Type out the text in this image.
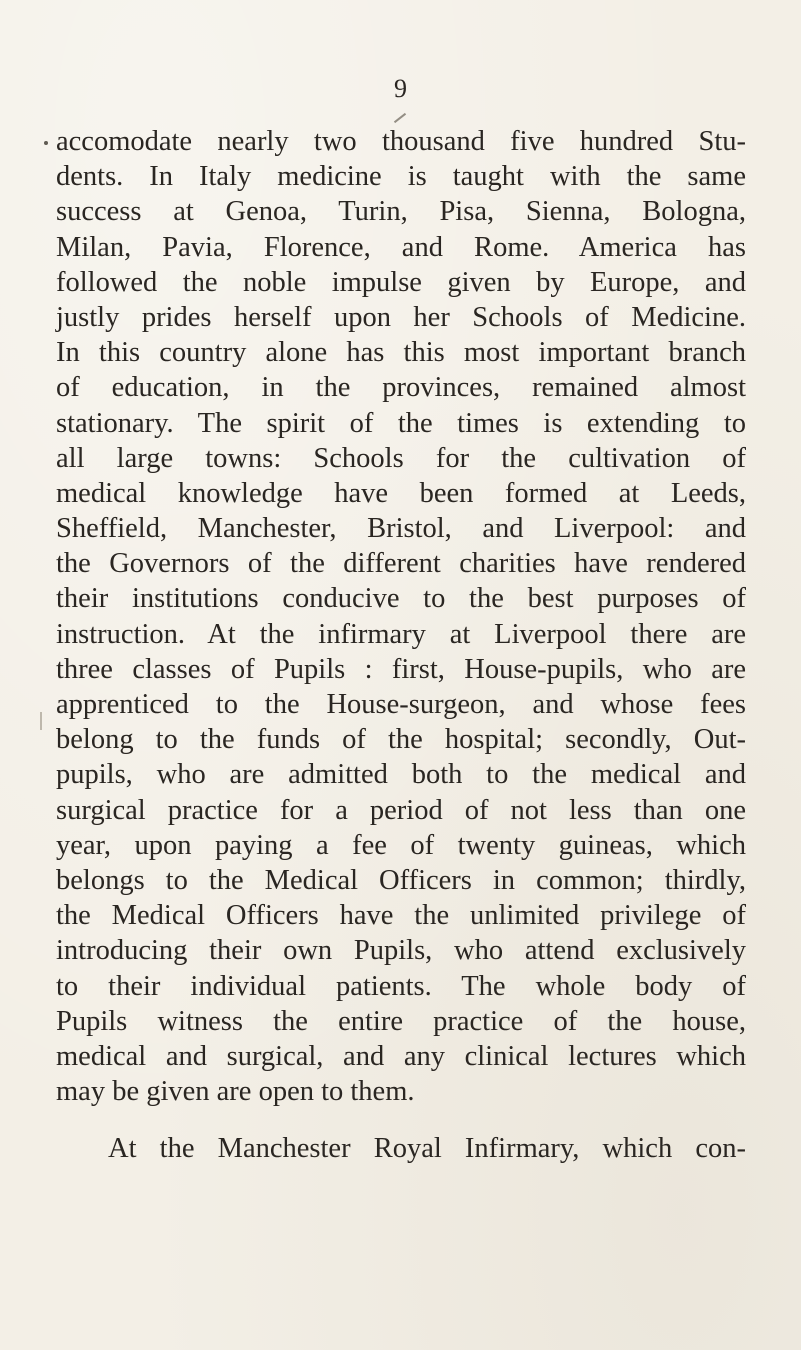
9
accomodate nearly two thousand five hundred Stu-
dents. In Italy medicine is taught with the same
success at Genoa, Turin, Pisa, Sienna, Bologna,
Milan, Pavia, Florence, and Rome. America has
followed the noble impulse given by Europe, and
justly prides herself upon her Schools of Medicine.
In this country alone has this most important branch
of education, in the provinces, remained almost
stationary. The spirit of the times is extending to
all large towns: Schools for the cultivation of
medical knowledge have been formed at Leeds,
Sheffield, Manchester, Bristol, and Liverpool: and
the Governors of the different charities have rendered
their institutions conducive to the best purposes of
instruction. At the infirmary at Liverpool there are
three classes of Pupils : first, House-pupils, who are
apprenticed to the House-surgeon, and whose fees
belong to the funds of the hospital; secondly, Out-
pupils, who are admitted both to the medical and
surgical practice for a period of not less than one
year, upon paying a fee of twenty guineas, which
belongs to the Medical Officers in common; thirdly,
the Medical Officers have the unlimited privilege of
introducing their own Pupils, who attend exclusively
to their individual patients. The whole body of
Pupils witness the entire practice of the house,
medical and surgical, and any clinical lectures which
may be given are open to them.
At the Manchester Royal Infirmary, which con-
